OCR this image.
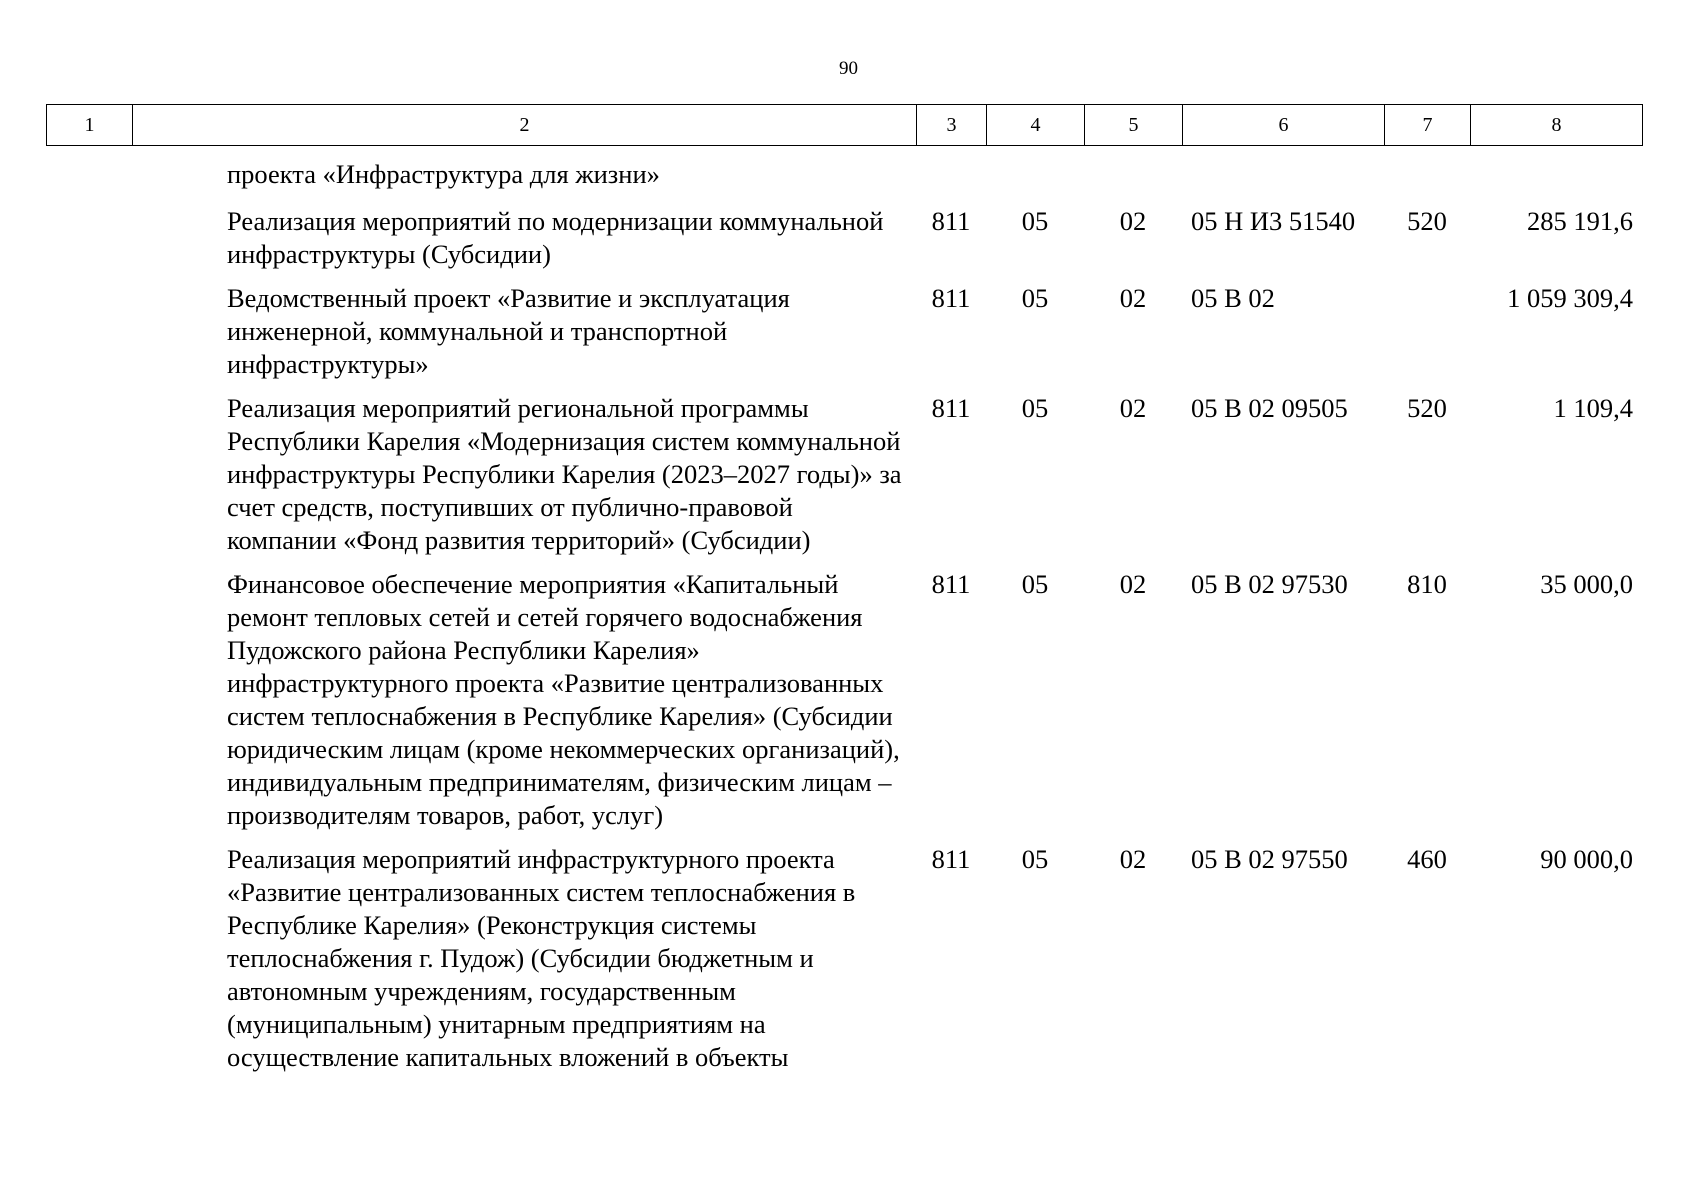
90
1	2	3	4	5	6	7	8
	проекта «Инфраструктура для жизни»						
	Реализация мероприятий по модернизации коммунальной инфраструктуры (Субсидии)	811	05	02	05 Н И3 51540	520	285 191,6
	Ведомственный проект «Развитие и эксплуатация инженерной, коммунальной и транспортной инфраструктуры»	811	05	02	05 В 02		1 059 309,4
	Реализация мероприятий региональной программы Республики Карелия «Модернизация систем коммунальной инфраструктуры Республики Карелия (2023–2027 годы)» за счет средств, поступивших от публично-правовой компании «Фонд развития территорий» (Субсидии)	811	05	02	05 В 02 09505	520	1 109,4
	Финансовое обеспечение мероприятия «Капитальный ремонт тепловых сетей и сетей горячего водоснабжения Пудожского района Республики Карелия» инфраструктурного проекта «Развитие централизованных систем теплоснабжения в Республике Карелия» (Субсидии юридическим лицам (кроме некоммерческих организаций), индивидуальным предпринимателям, физическим лицам – производителям товаров, работ, услуг)	811	05	02	05 В 02 97530	810	35 000,0
	Реализация мероприятий инфраструктурного проекта «Развитие централизованных систем теплоснабжения в Республике Карелия» (Реконструкция системы теплоснабжения г. Пудож) (Субсидии бюджетным и автономным учреждениям, государственным (муниципальным) унитарным предприятиям на осуществление капитальных вложений в объекты	811	05	02	05 В 02 97550	460	90 000,0
